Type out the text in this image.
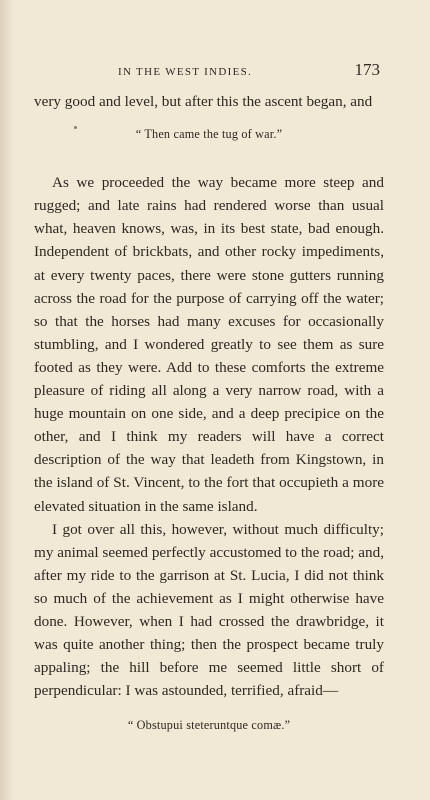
IN THE WEST INDIES.	173

very good and level, but after this the ascent began, and

“ Then came the tug of war.”

As we proceeded the way became more steep and rugged; and late rains had rendered worse than usual what, heaven knows, was, in its best state, bad enough. Independent of brickbats, and other rocky impediments, at every twenty paces, there were stone gutters running across the road for the purpose of carrying off the water; so that the horses had many excuses for occasionally stumbling, and I wondered greatly to see them as sure footed as they were. Add to these comforts the extreme pleasure of riding all along a very narrow road, with a huge mountain on one side, and a deep precipice on the other, and I think my readers will have a correct description of the way that leadeth from Kingstown, in the island of St. Vincent, to the fort that occupieth a more elevated situation in the same island.

I got over all this, however, without much difficulty; my animal seemed perfectly accustomed to the road; and, after my ride to the garrison at St. Lucia, I did not think so much of the achievement as I might otherwise have done. However, when I had crossed the drawbridge, it was quite another thing; then the prospect became truly appaling; the hill before me seemed little short of perpendicular: I was astounded, terrified, afraid—

“ Obstupui steteruntque comæ.”
